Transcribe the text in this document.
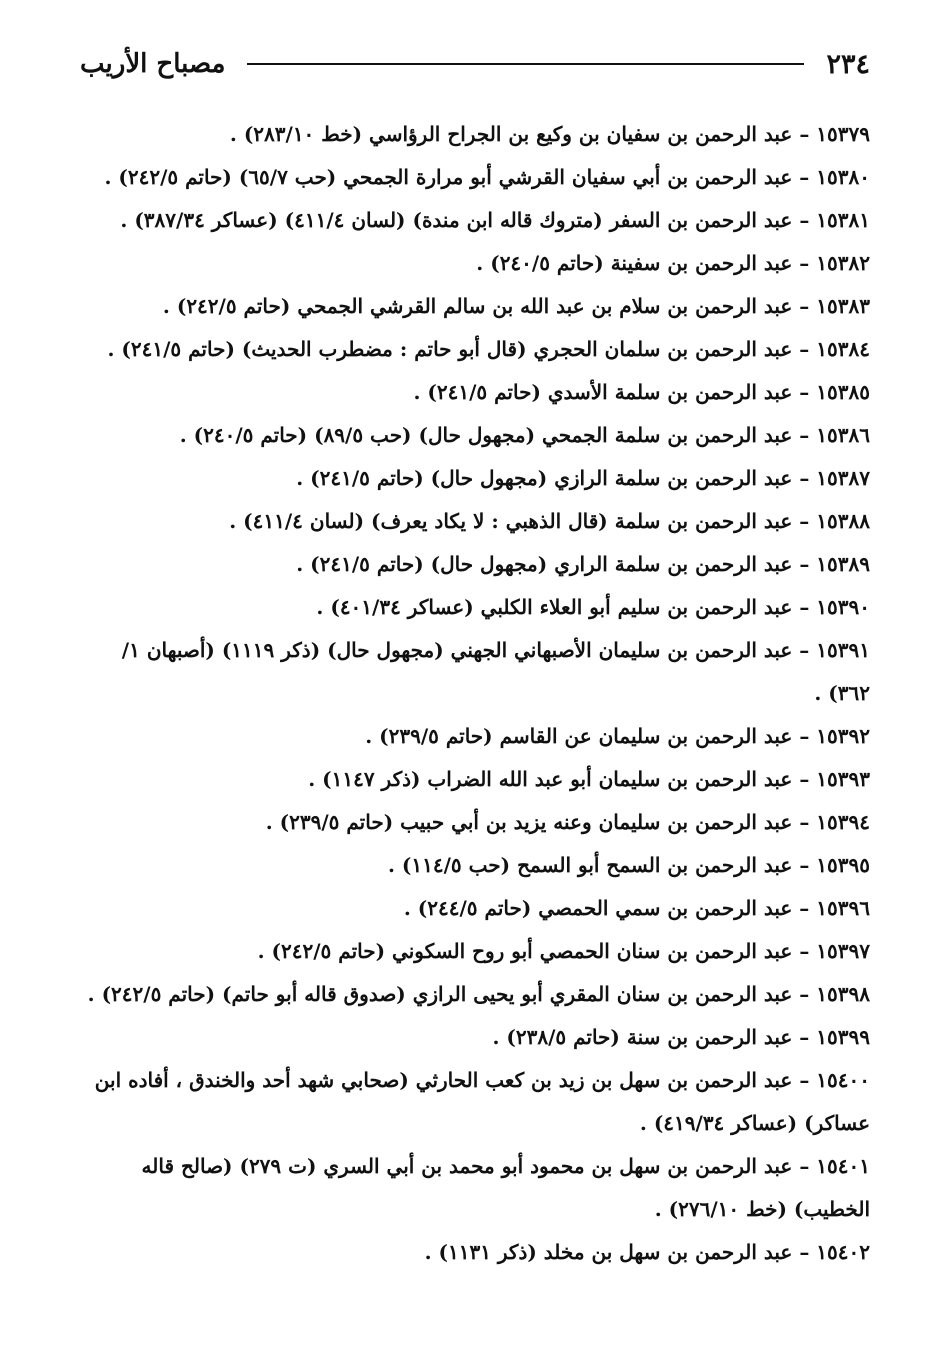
٢٣٤
مصباح الأريب

١٥٣٧٩ – عبد الرحمن بن سفيان بن وكيع بن الجراح الرؤاسي (خط ٢٨٣/١٠) .

١٥٣٨٠ – عبد الرحمن بن أبي سفيان القرشي أبو مرارة الجمحي (حب ٦٥/٧) (حاتم ٢٤٢/٥) .

١٥٣٨١ – عبد الرحمن بن السفر (متروك قاله ابن مندة) (لسان ٤١١/٤) (عساكر ٣٨٧/٣٤) .

١٥٣٨٢ – عبد الرحمن بن سفينة (حاتم ٢٤٠/٥) .

١٥٣٨٣ – عبد الرحمن بن سلام بن عبد الله بن سالم القرشي الجمحي (حاتم ٢٤٢/٥) .

١٥٣٨٤ – عبد الرحمن بن سلمان الحجري (قال أبو حاتم : مضطرب الحديث) (حاتم ٢٤١/٥) .

١٥٣٨٥ – عبد الرحمن بن سلمة الأسدي (حاتم ٢٤١/٥) .

١٥٣٨٦ – عبد الرحمن بن سلمة الجمحي (مجهول حال) (حب ٨٩/٥) (حاتم ٢٤٠/٥) .

١٥٣٨٧ – عبد الرحمن بن سلمة الرازي (مجهول حال) (حاتم ٢٤١/٥) .

١٥٣٨٨ – عبد الرحمن بن سلمة (قال الذهبي : لا يكاد يعرف) (لسان ٤١١/٤) .

١٥٣٨٩ – عبد الرحمن بن سلمة الراري (مجهول حال) (حاتم ٢٤١/٥) .

١٥٣٩٠ – عبد الرحمن بن سليم أبو العلاء الكلبي (عساكر ٤٠١/٣٤) .

١٥٣٩١ – عبد الرحمن بن سليمان الأصبهاني الجهني (مجهول حال) (ذكر ١١١٩) (أصبهان ١/ ٣٦٢) .

١٥٣٩٢ – عبد الرحمن بن سليمان عن القاسم (حاتم ٢٣٩/٥) .

١٥٣٩٣ – عبد الرحمن بن سليمان أبو عبد الله الضراب (ذكر ١١٤٧) .

١٥٣٩٤ – عبد الرحمن بن سليمان وعنه يزيد بن أبي حبيب (حاتم ٢٣٩/٥) .

١٥٣٩٥ – عبد الرحمن بن السمح أبو السمح (حب ١١٤/٥) .

١٥٣٩٦ – عبد الرحمن بن سمي الحمصي (حاتم ٢٤٤/٥) .

١٥٣٩٧ – عبد الرحمن بن سنان الحمصي أبو روح السكوني (حاتم ٢٤٢/٥) .

١٥٣٩٨ – عبد الرحمن بن سنان المقري أبو يحيى الرازي (صدوق قاله أبو حاتم) (حاتم ٢٤٢/٥) .

١٥٣٩٩ – عبد الرحمن بن سنة (حاتم ٢٣٨/٥) .

١٥٤٠٠ – عبد الرحمن بن سهل بن زيد بن كعب الحارثي (صحابي شهد أحد والخندق ، أفاده ابن عساكر) (عساكر ٤١٩/٣٤) .

١٥٤٠١ – عبد الرحمن بن سهل بن محمود أبو محمد بن أبي السري (ت ٢٧٩) (صالح قاله الخطيب) (خط ٢٧٦/١٠) .

١٥٤٠٢ – عبد الرحمن بن سهل بن مخلد (ذكر ١١٣١) .
